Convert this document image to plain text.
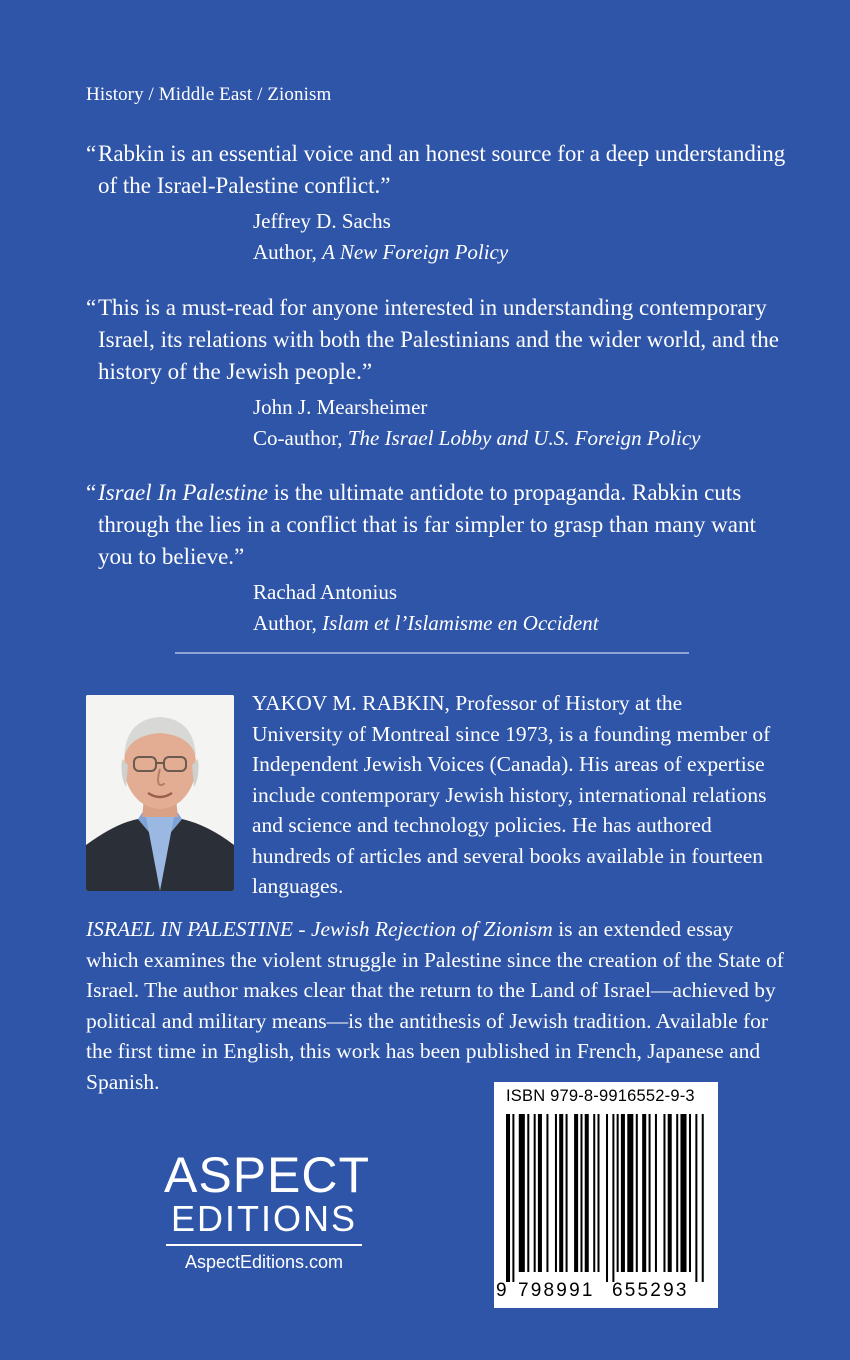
History / Middle East / Zionism

“Rabkin is an essential voice and an honest source for a deep understanding of the Israel-Palestine conflict.”

Jeffrey D. Sachs
Author, A New Foreign Policy

“This is a must-read for anyone interested in understanding contemporary Israel, its relations with both the Palestinians and the wider world, and the history of the Jewish people.”

John J. Mearsheimer
Co-author, The Israel Lobby and U.S. Foreign Policy

“Israel In Palestine is the ultimate antidote to propaganda. Rabkin cuts through the lies in a conflict that is far simpler to grasp than many want you to believe.”

Rachad Antonius
Author, Islam et l’Islamisme en Occident
YAKOV M. RABKIN, Professor of History at the University of Montreal since 1973, is a founding member of Independent Jewish Voices (Canada). His areas of expertise include contemporary Jewish history, international relations and science and technology policies. He has authored hundreds of articles and several books available in fourteen languages.
ISRAEL IN PALESTINE - Jewish Rejection of Zionism is an extended essay which examines the violent struggle in Palestine since the creation of the State of Israel. The author makes clear that the return to the Land of Israel—achieved by political and military means—is the antithesis of Jewish tradition. Available for the first time in English, this work has been published in French, Japanese and Spanish.
ASPECT
EDITIONS
AspectEditions.com
ISBN 979-8-9916552-9-3
9 798991 655293
